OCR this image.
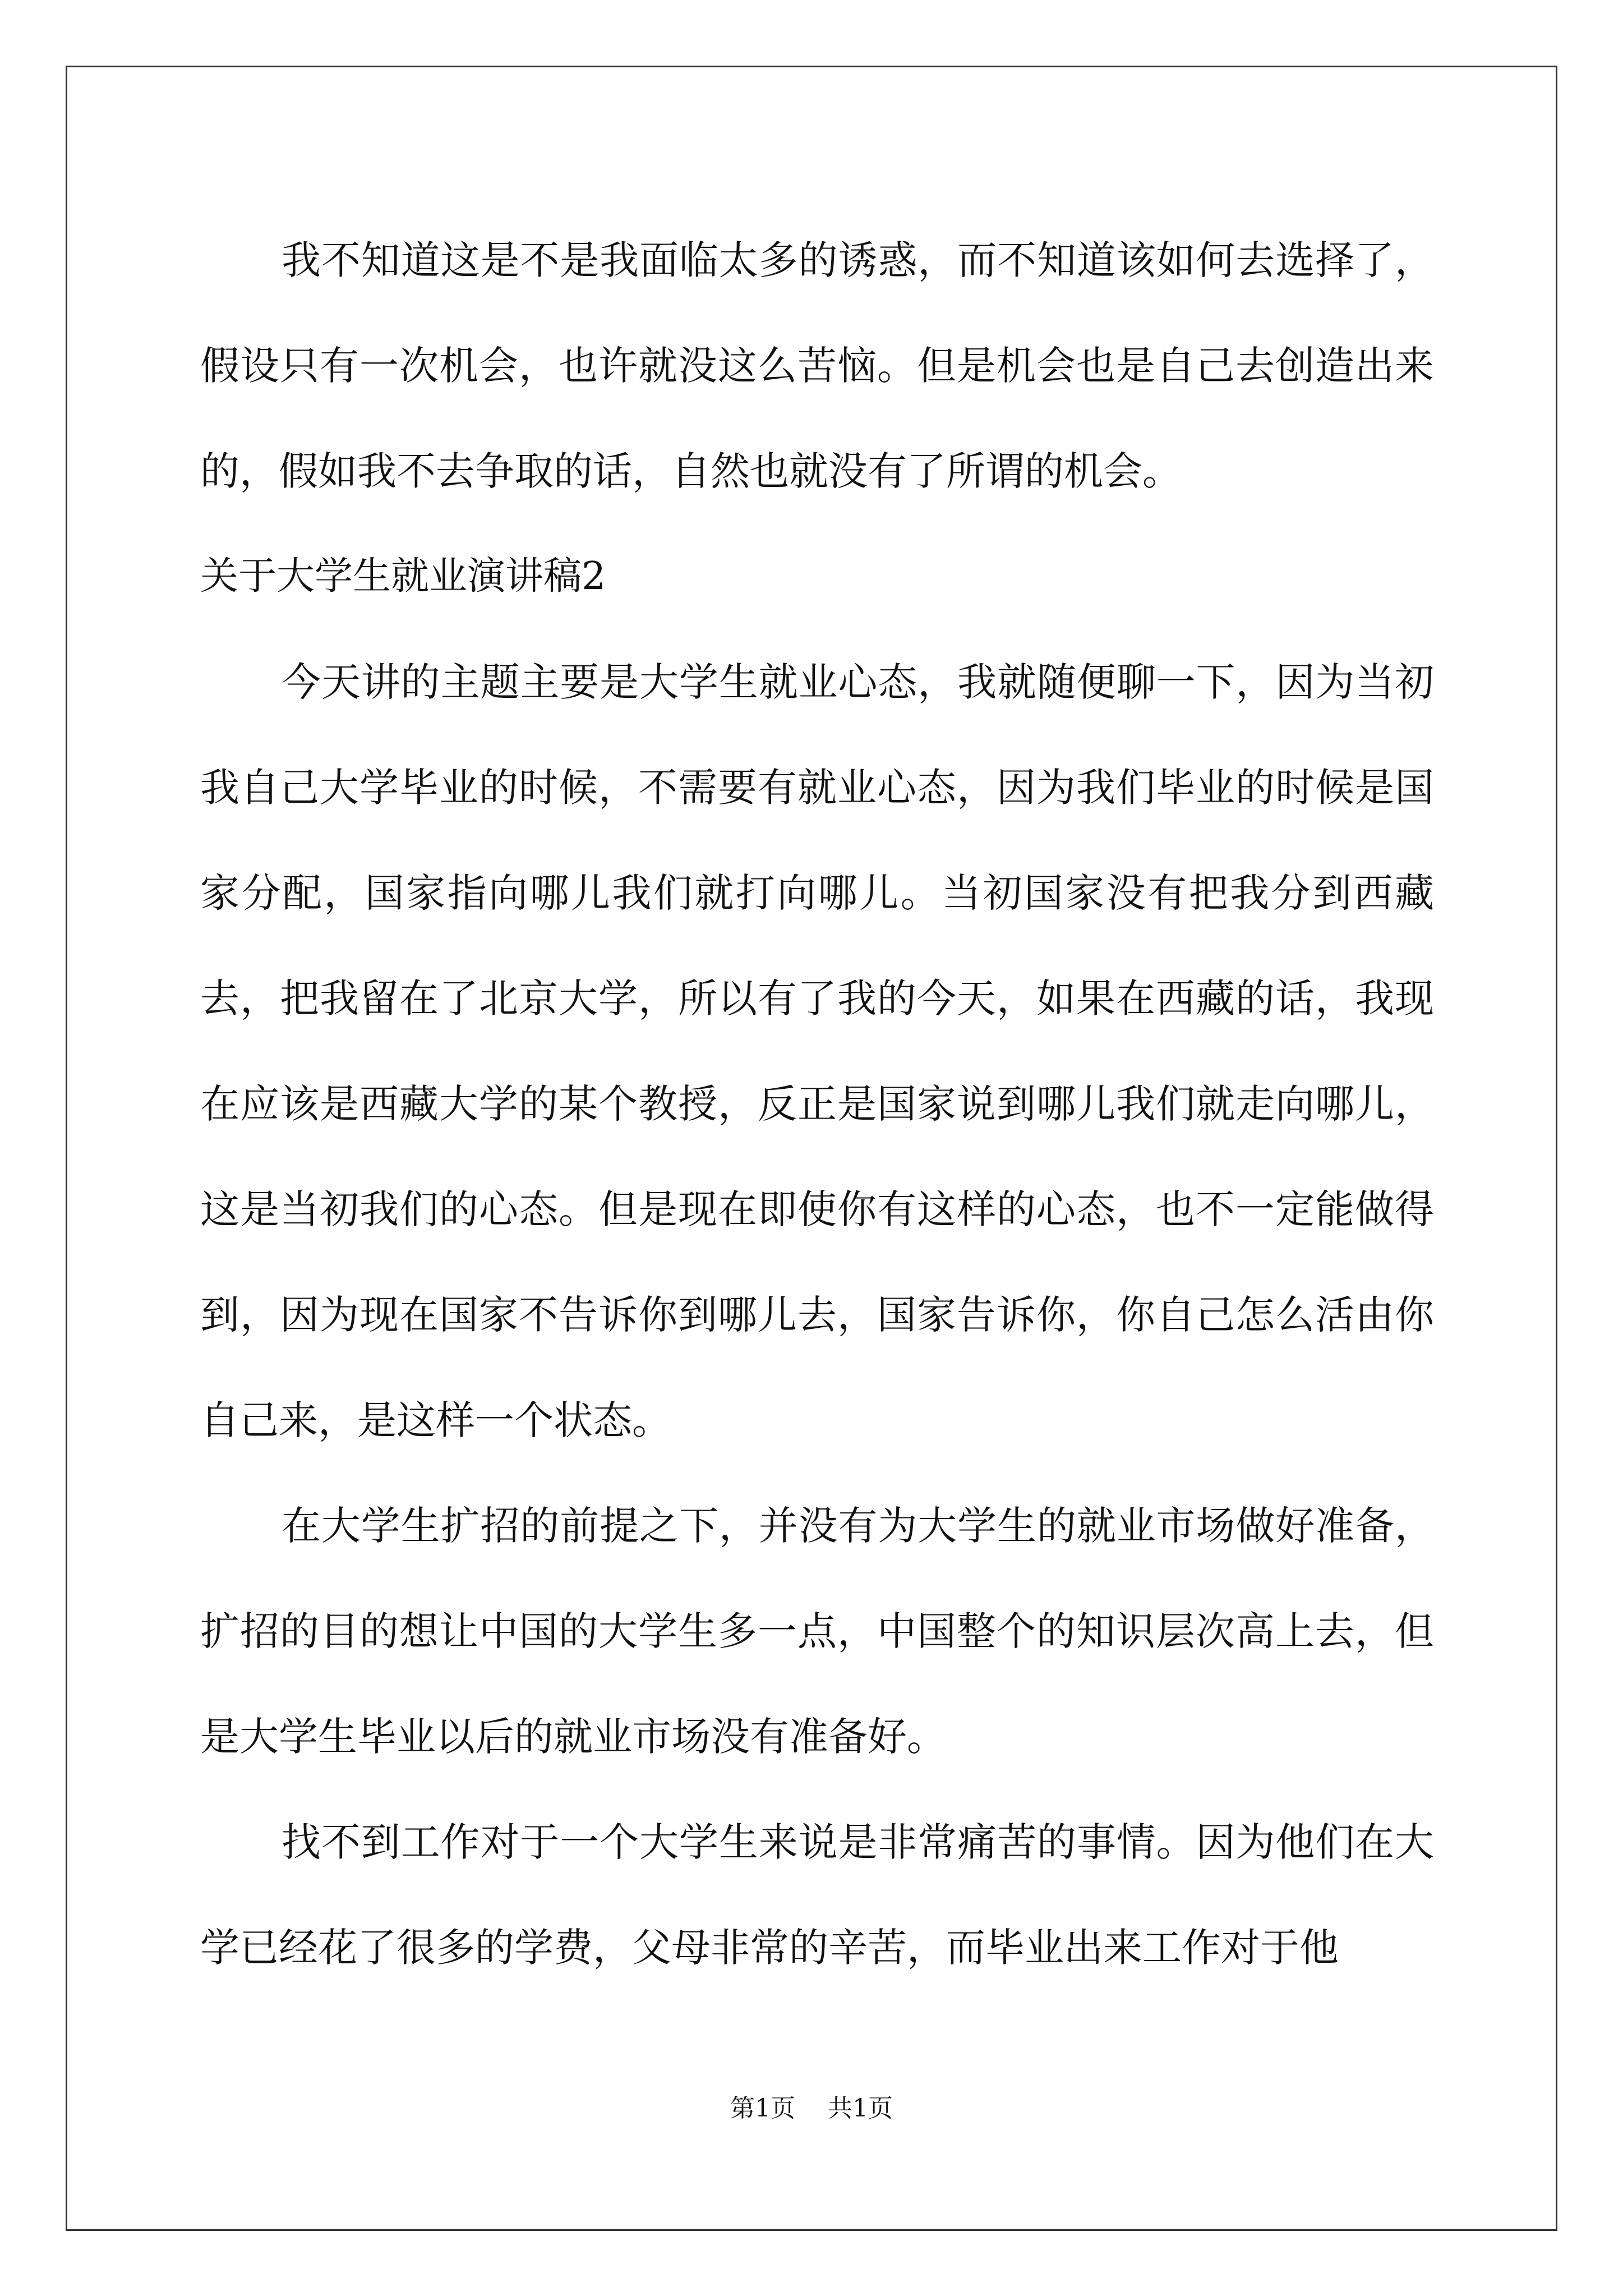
我不知道这是不是我面临太多的诱惑，而不知道该如何去选择了，假设只有一次机会，也许就没这么苦恼。但是机会也是自己去创造出来的，假如我不去争取的话，自然也就没有了所谓的机会。

关于大学生就业演讲稿2

今天讲的主题主要是大学生就业心态，我就随便聊一下，因为当初我自己大学毕业的时候，不需要有就业心态，因为我们毕业的时候是国家分配，国家指向哪儿我们就打向哪儿。当初国家没有把我分到西藏去，把我留在了北京大学，所以有了我的今天，如果在西藏的话，我现在应该是西藏大学的某个教授，反正是国家说到哪儿我们就走向哪儿，这是当初我们的心态。但是现在即使你有这样的心态，也不一定能做得到，因为现在国家不告诉你到哪儿去，国家告诉你，你自己怎么活由你自己来，是这样一个状态。

在大学生扩招的前提之下，并没有为大学生的就业市场做好准备，扩招的目的想让中国的大学生多一点，中国整个的知识层次高上去，但是大学生毕业以后的就业市场没有准备好。

找不到工作对于一个大学生来说是非常痛苦的事情。因为他们在大学已经花了很多的学费，父母非常的辛苦，而毕业出来工作对于他

第1页 共1页
